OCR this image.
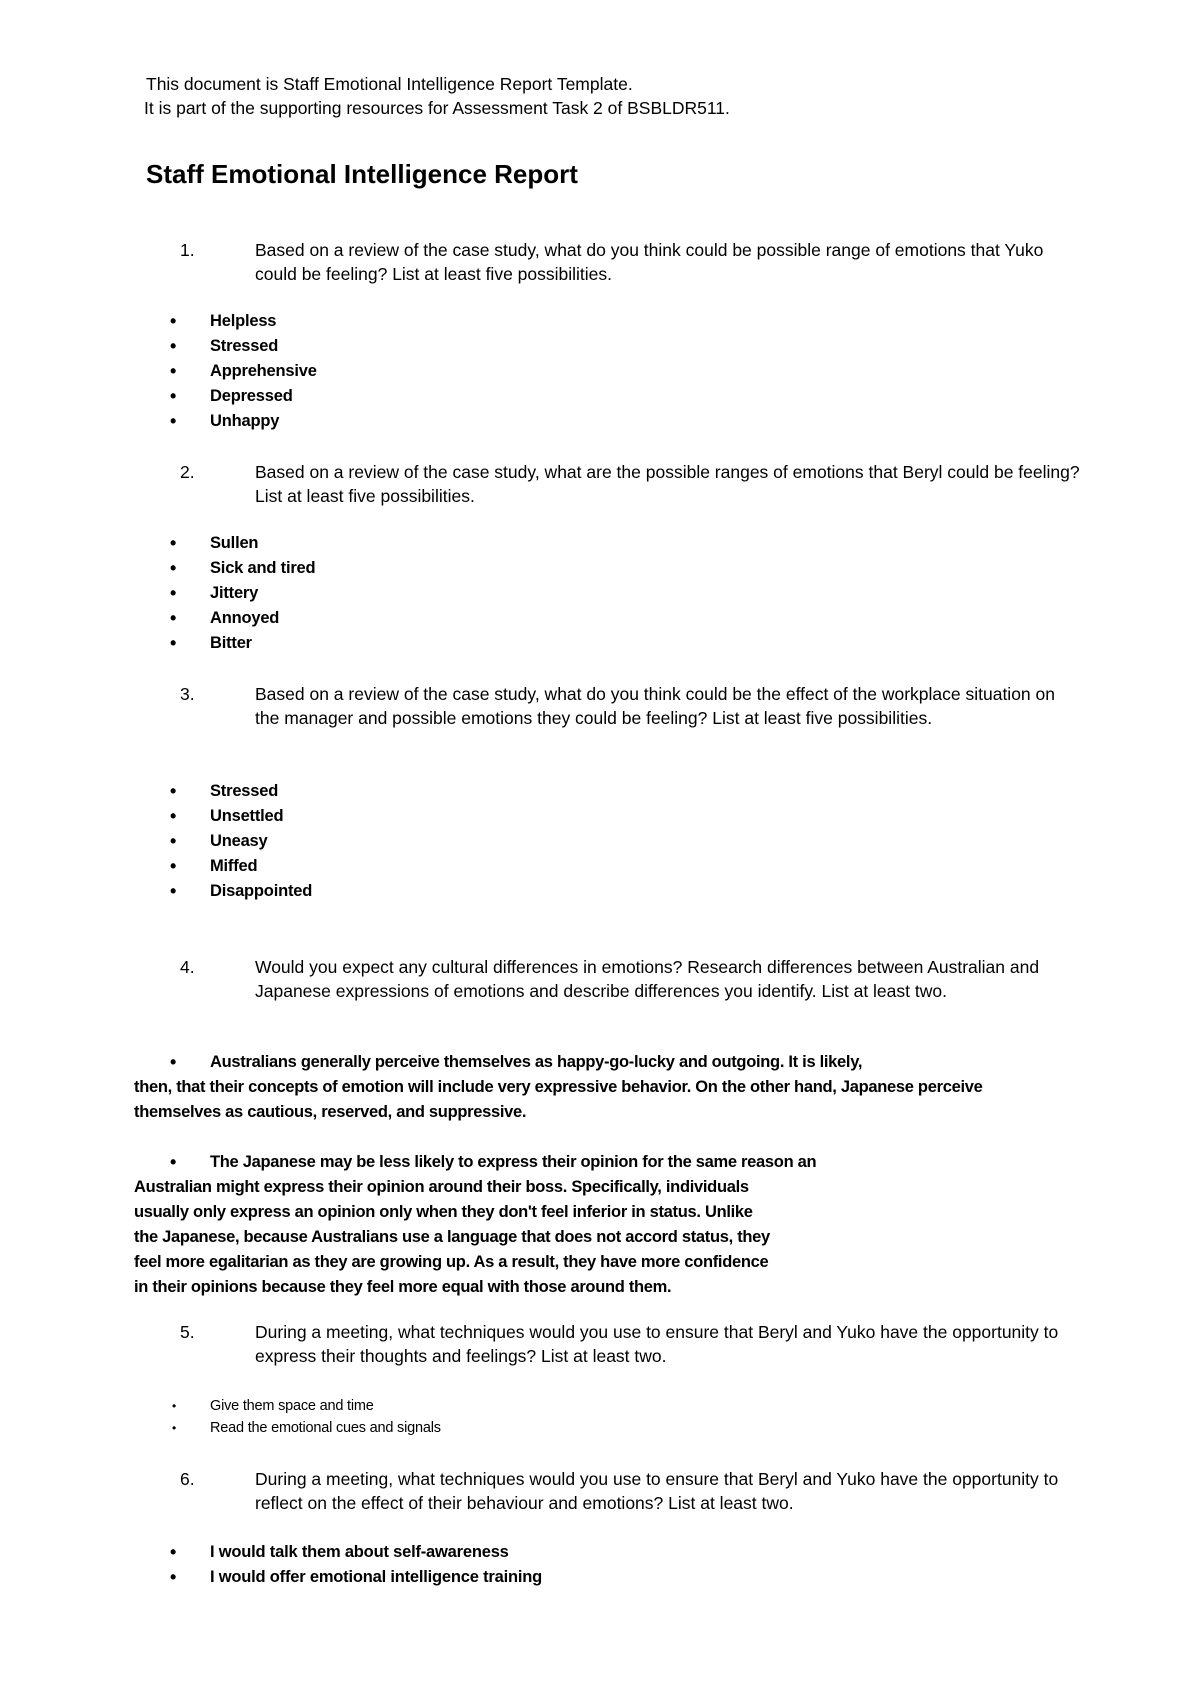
This document is Staff Emotional Intelligence Report Template.
It is part of the supporting resources for Assessment Task 2 of BSBLDR511.
Staff Emotional Intelligence Report
1.	Based on a review of the case study, what do you think could be possible range of emotions that Yuko could be feeling? List at least five possibilities.
• Helpless
• Stressed
• Apprehensive
• Depressed
• Unhappy
2.	Based on a review of the case study, what are the possible ranges of emotions that Beryl could be feeling? List at least five possibilities.
• Sullen
• Sick and tired
• Jittery
• Annoyed
• Bitter
3.	Based on a review of the case study, what do you think could be the effect of the workplace situation on the manager and possible emotions they could be feeling? List at least five possibilities.
• Stressed
• Unsettled
• Uneasy
• Miffed
• Disappointed
4.	Would you expect any cultural differences in emotions? Research differences between Australian and Japanese expressions of emotions and describe differences you identify. List at least two.
• Australians generally perceive themselves as happy-go-lucky and outgoing. It is likely,
then, that their concepts of emotion will include very expressive behavior. On the other hand, Japanese perceive
themselves as cautious, reserved, and suppressive.
• The Japanese may be less likely to express their opinion for the same reason an
Australian might express their opinion around their boss. Specifically, individuals
usually only express an opinion only when they don't feel inferior in status. Unlike
the Japanese, because Australians use a language that does not accord status, they
feel more egalitarian as they are growing up. As a result, they have more confidence
in their opinions because they feel more equal with those around them.
5.	During a meeting, what techniques would you use to ensure that Beryl and Yuko have the opportunity to express their thoughts and feelings? List at least two.
• Give them space and time
• Read the emotional cues and signals
6.	During a meeting, what techniques would you use to ensure that Beryl and Yuko have the opportunity to reflect on the effect of their behaviour and emotions? List at least two.
• I would talk them about self-awareness
• I would offer emotional intelligence training
